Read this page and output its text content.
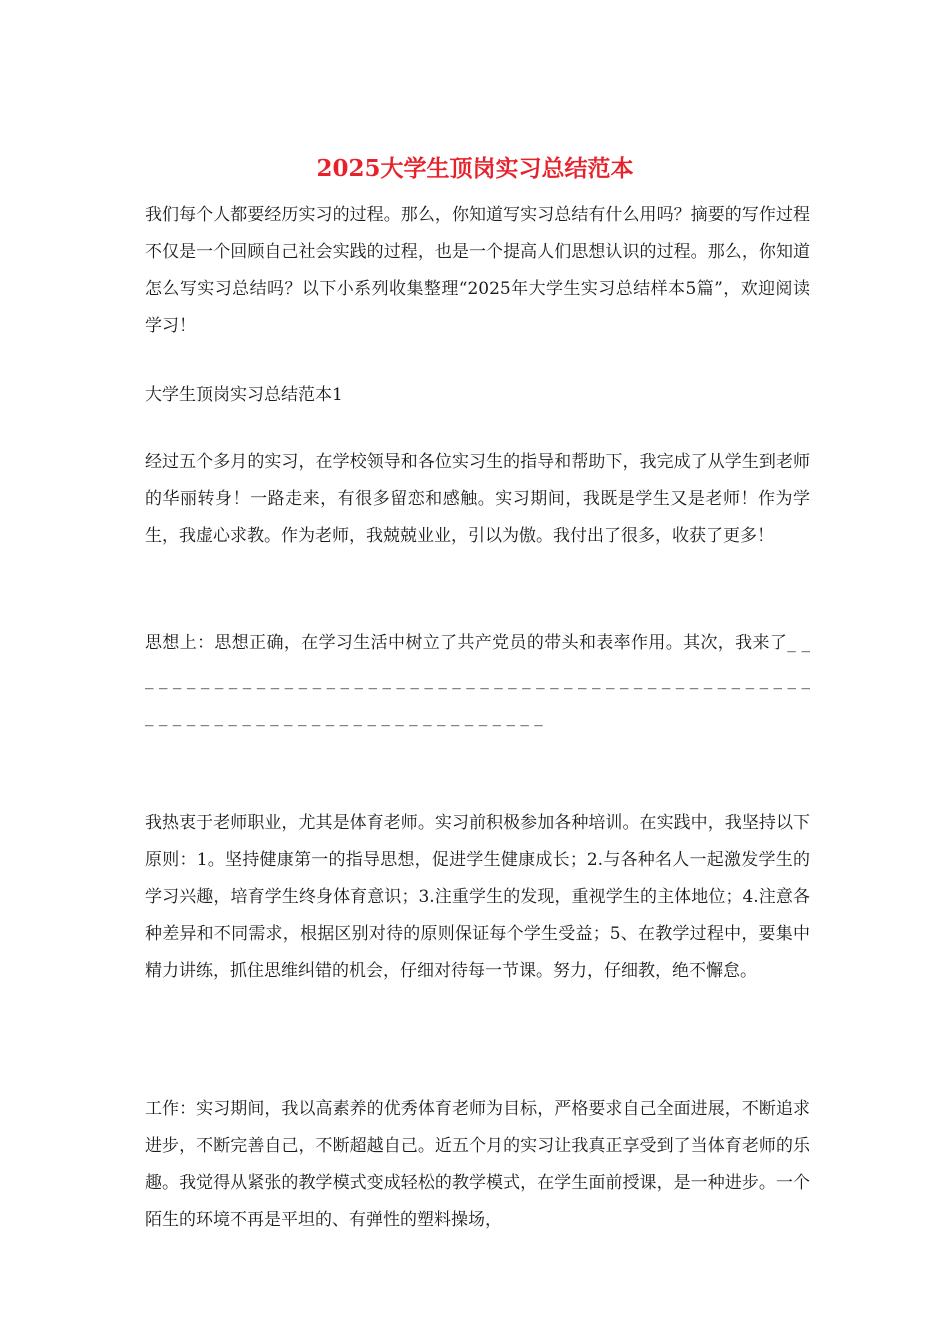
2025大学生顶岗实习总结范本

我们每个人都要经历实习的过程。那么，你知道写实习总结有什么用吗？摘要的写作过程不仅是一个回顾自己社会实践的过程，也是一个提高人们思想认识的过程。那么，你知道怎么写实习总结吗？以下小系列收集整理“2025年大学生实习总结样本5篇”，欢迎阅读学习！

大学生顶岗实习总结范本1

经过五个多月的实习，在学校领导和各位实习生的指导和帮助下，我完成了从学生到老师的华丽转身！一路走来，有很多留恋和感触。实习期间，我既是学生又是老师！作为学生，我虚心求教。作为老师，我兢兢业业，引以为傲。我付出了很多，收获了更多！

思想上：思想正确，在学习生活中树立了共产党员的带头和表率作用。其次，我来了_ _ _ _ _ _ _ _ _ _ _ _ _ _ _ _ _ _ _ _ _ _ _ _ _ _ _ _ _ _ _ _ _ _ _ _ _ _ _ _ _ _ _ _ _ _ _ _ _ _ _ _ _ _ _ _ _ _ _ _ _ _ _ _ _ _ _ _ _ _ _ _ _ _ _ _ _ _ _

我热衷于老师职业，尤其是体育老师。实习前积极参加各种培训。在实践中，我坚持以下原则：1。坚持健康第一的指导思想，促进学生健康成长；2.与各种名人一起激发学生的学习兴趣，培育学生终身体育意识；3.注重学生的发现，重视学生的主体地位；4.注意各种差异和不同需求，根据区别对待的原则保证每个学生受益；5、在教学过程中，要集中精力讲练，抓住思维纠错的机会，仔细对待每一节课。努力，仔细教，绝不懈怠。

工作：实习期间，我以高素养的优秀体育老师为目标，严格要求自己全面进展，不断追求进步，不断完善自己，不断超越自己。近五个月的实习让我真正享受到了当体育老师的乐趣。我觉得从紧张的教学模式变成轻松的教学模式，在学生面前授课，是一种进步。一个陌生的环境不再是平坦的、有弹性的塑料操场，
